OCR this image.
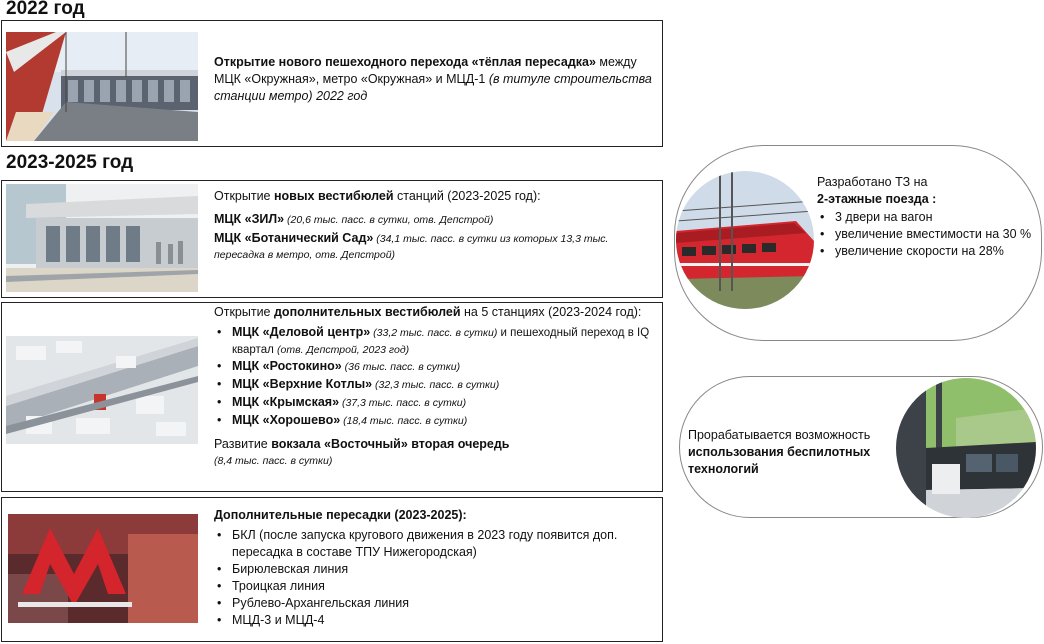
2022 год
Открытие нового пешеходного перехода «тёплая пересадка» между МЦК «Окружная», метро «Окружная» и МЦД-1 (в титуле строительства станции метро) 2022 год
2023-2025 год
Открытие новых вестибюлей станций (2023-2025 год):
МЦК «ЗИЛ» (20,6 тыс. пасс. в сутки, отв. Депстрой)
МЦК «Ботанический Сад» (34,1 тыс. пасс. в сутки из которых 13,3 тыс. пересадка в метро, отв. Депстрой)
Открытие дополнительных вестибюлей на 5 станциях (2023-2024 год):
• МЦК «Деловой центр» (33,2 тыс. пасс. в сутки) и пешеходный переход в IQ квартал (отв. Депстрой, 2023 год)
• МЦК «Ростокино» (36 тыс. пасс. в сутки)
• МЦК «Верхние Котлы» (32,3 тыс. пасс. в сутки)
• МЦК «Крымская» (37,3 тыс. пасс. в сутки)
• МЦК «Хорошево» (18,4 тыс. пасс. в сутки)
Развитие вокзала «Восточный» вторая очередь
(8,4 тыс. пасс. в сутки)
Дополнительные пересадки (2023-2025):
• БКЛ (после запуска кругового движения в 2023 году появится доп. пересадка в составе ТПУ Нижегородская)
• Бирюлевская линия
• Троицкая линия
• Рублево-Архангельская линия
• МЦД-3 и МЦД-4
Разработано ТЗ на
2-этажные поезда :
• 3 двери на вагон
• увеличение вместимости на 30 %
• увеличение скорости на 28%
Прорабатывается возможность использования беспилотных технологий
